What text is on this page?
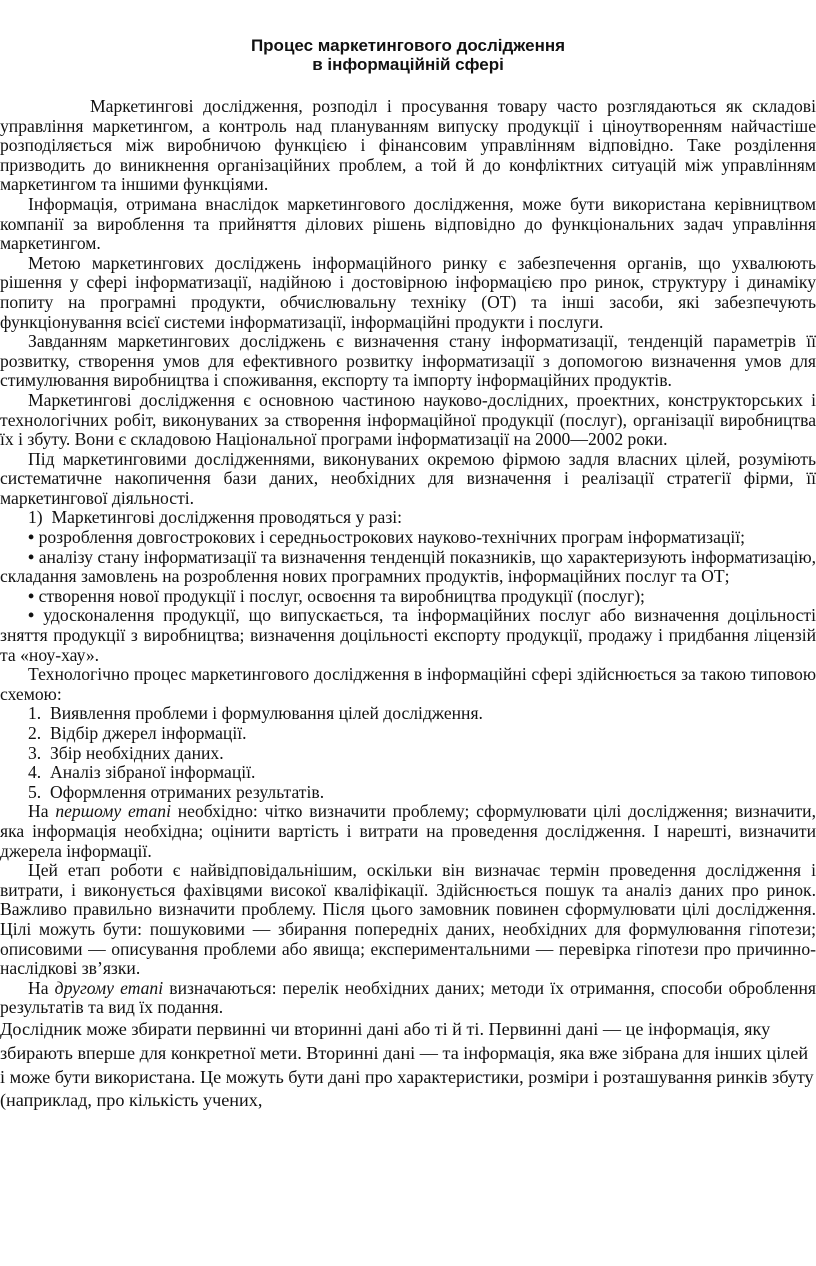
Процес маркетингового дослідження
в інформаційній сфері

Маркетингові дослідження, розподіл і просування товару часто розглядаються як складові управління маркетингом, а контроль над плануванням випуску продукції і ціноутворенням найчастіше розподіляється між виробничою функцією і фінансовим управлінням відповідно. Таке розділення призводить до виникнення організаційних проблем, а той й до конфліктних ситуацій між управлінням маркетингом та іншими функціями.

Інформація, отримана внаслідок маркетингового дослідження, може бути використана керівництвом компанії за вироблення та прийняття ділових рішень відповідно до функціональних задач управління маркетингом.

Метою маркетингових досліджень інформаційного ринку є забезпечення органів, що ухвалюють рішення у сфері інформатизації, надійною і достовірною інформацією про ринок, структуру і динаміку попиту на програмні продукти, обчислювальну техніку (ОТ) та інші засоби, які забезпечують функціонування всієї системи інформатизації, інформаційні продукти і послуги.

Завданням маркетингових досліджень є визначення стану інформатизації, тенденцій параметрів її розвитку, створення умов для ефективного розвитку інформатизації з допомогою визначення умов для стимулювання виробництва і споживання, експорту та імпорту інформаційних продуктів.

Маркетингові дослідження є основною частиною науково-дослідних, проектних, конструкторських і технологічних робіт, виконуваних за створення інформаційної продукції (послуг), організації виробництва їх і збуту. Вони є складовою Національної програми інформатизації на 2000—2002 роки.

Під маркетинговими дослідженнями, виконуваних окремою фірмою задля власних цілей, розуміють систематичне накопичення бази даних, необхідних для визначення і реалізації стратегії фірми, її маркетингової діяльності.

1)  Маркетингові дослідження проводяться у разі:

• розроблення довгострокових і середньострокових науково-технічних програм інформатизації;

• аналізу стану інформатизації та визначення тенденцій показників, що характеризують інформатизацію, складання замовлень на розроблення нових програмних продуктів, інформаційних послуг та ОТ;

• створення нової продукції і послуг, освоєння та виробництва продукції (послуг);

• удосконалення продукції, що випускається, та інформаційних послуг або визначення доцільності зняття продукції з виробництва; визначення доцільності експорту продукції, продажу і придбання ліцензій та «ноу-хау».

Технологічно процес маркетингового дослідження в інформаційні сфері здійснюється за такою типовою схемою:

1.  Виявлення проблеми і формулювання цілей дослідження.

2.  Відбір джерел інформації.

3.  Збір необхідних даних.

4.  Аналіз зібраної інформації.

5.  Оформлення отриманих результатів.

На першому етапі необхідно: чітко визначити проблему; сформулювати цілі дослідження; визначити, яка інформація необхідна; оцінити вартість і витрати на проведення дослідження. І нарешті, визначити джерела інформації.

Цей етап роботи є найвідповідальнішим, оскільки він визначає термін проведення дослідження і витрати, і виконується фахівцями високої кваліфікації. Здійснюється пошук та аналіз даних про ринок. Важливо правильно визначити проблему. Після цього замовник повинен сформулювати цілі дослідження. Цілі можуть бути: пошуковими — збирання попередніх даних, необхідних для формулювання гіпотези; описовими — описування проблеми або явища; експериментальними — перевірка гіпотези про причинно-наслідкові зв’язки.

На другому етапі визначаються: перелік необхідних даних; методи їх отримання, способи оброблення результатів та вид їх подання.

Дослідник може збирати первинні чи вторинні дані або ті й ті. Первинні дані — це інформація, яку збирають вперше для конкретної мети. Вторинні дані — та інформація, яка вже зібрана для інших цілей і може бути використана. Це можуть бути дані про характеристики, розміри і розташування ринків збуту (наприклад, про кількість учених,
